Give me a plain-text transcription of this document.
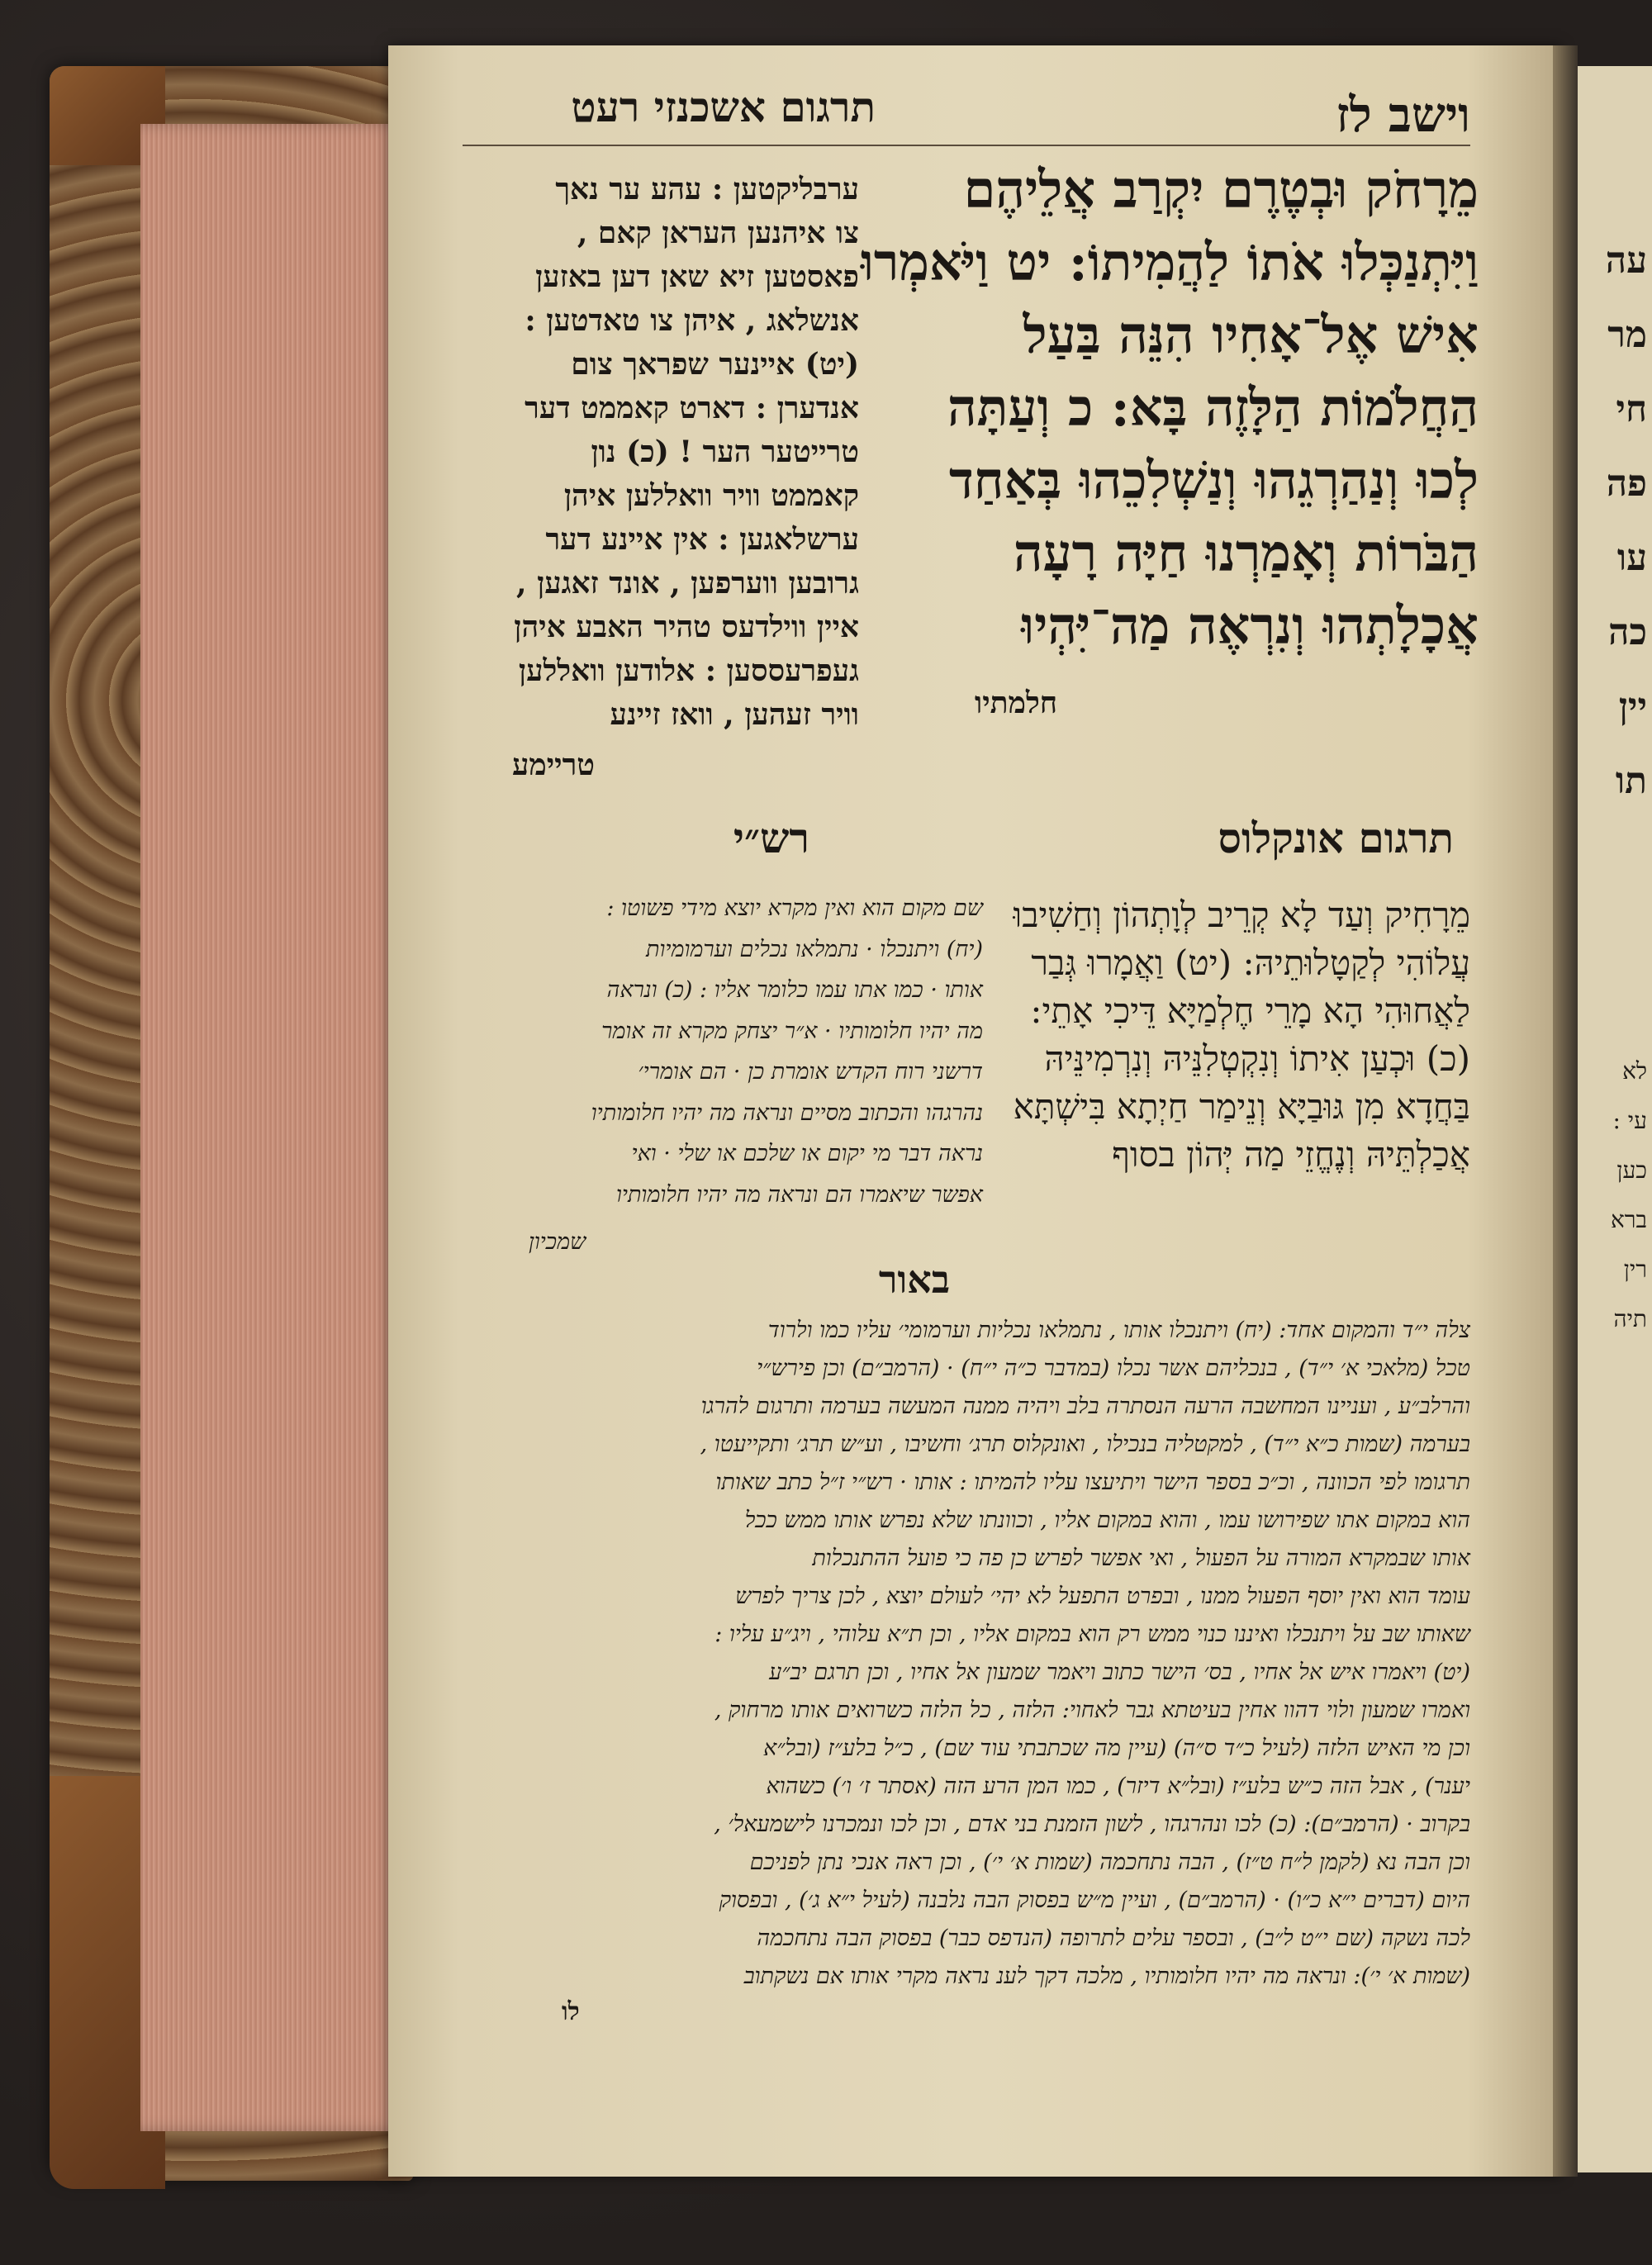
עה
מר
חי
פה
עו
כה
יין
תו
לא
עי :
כען
ברא
רין
תיה
וישב לז
תרגום אשכנזי רעט
מֵרָחֹק וּבְטֶרֶם יִקְרַב אֲלֵיהֶם
וַיִּתְנַכְּלוּ אֹתוֹ לַהֲמִיתוֹ: יט וַיֹּאמְרוּ
אִישׁ אֶל־אָחִיו הִנֵּה בַּעַל
הַחֲלֹמוֹת הַלָּזֶה בָּא: כ וְעַתָּה
לְכוּ וְנַהַרְגֵהוּ וְנַשְׁלִכֵהוּ בְּאַחַד
הַבֹּרוֹת וְאָמַרְנוּ חַיָּה רָעָה
אֲכָלָתְהוּ וְנִרְאֶה מַה־יִּהְיוּ
חלמתיו
ערבליקטען : עהע ער נאך
צו איהנען העראן קאם ,
פאסטען זיא שאן דען באזען
אנשלאג , איהן צו טאדטען :
(יט) איינער שפראך צום
אנדערן : דארט קאממט דער
טרייטער הער ! (כ) נון
קאממט וויר וואללען איהן
ערשלאגען : אין איינע דער
גרובען ווערפען , אונד זאגען ,
איין ווילדעס טהיר האבע איהן
געפרעססען : אלודען וואללען
וויר זעהען , וואז זיינע
טריימע
תרגום אונקלוס
רש״י
מֵרָחִיק וְעַד לָא קְרֵיב לְוָתְהוֹן וְחַשִׁיבוּ
עֲלוֹהִי לְקַטָלוּתֵיהּ: (יט) וַאֲמָרוּ גְּבַר
לַאֲחוּהִי הָא מָרֵי חֶלְמַיָּא דֵּיכִי אָתֵי:
(כ) וּכְעַן אִיתוֹ וְנִקְטְלִנֵּיהּ וְנִרְמִינֵּיהּ
בַּחֲדָא מִן גּוּבַיָּא וְנֵימַר חַיְתָא בִּישְׁתָּא
אֲכַלְתֵּיהּ וְנֶחֱזֵי מַה יְּהוֹן בסוף
שם מקום הוא ואין מקרא יוצא מידי פשוטו :
(יח) ויתנכלו · נתמלאו נכלים וערמומיות
אותו · כמו אתו עמו כלומר אליו : (כ) ונראה
מה יהיו חלומותיו · א״ר יצחק מקרא זה אומר
דרשני רוח הקדש אומרת כן · הם אומרי׳
נהרגהו והכתוב מסיים ונראה מה יהיו חלומותיו
נראה דבר מי יקום או שלכם או שלי · ואי
אפשר שיאמרו הם ונראה מה יהיו חלומותיו
שמכיון
באור
צלה י״ד והמקום אחד: (יח) ויתנכלו אותו , נתמלאו נכליות וערמומי׳ עליו כמו ולרוד
טכל (מלאכי א׳ י״ד) , בנכליהם אשר נכלו (במדבר כ״ה י״ח) · (הרמב״ם) וכן פירש״י
והרלב״ע , ועניינו המחשבה הרעה הנסתרה בלב ויהיה ממנה המעשה בערמה ותרגום להרגו
בערמה (שמות כ״א י״ד) , למקטליה בנכילו , ואונקלוס תרג׳ וחשיבו , וע״ש תרג׳ ותקייעטו ,
תרגומו לפי הכוונה , וכ״כ בספר הישר ויתיעצו עליו להמיתו : אותו · רש״י ז״ל כתב שאותו
הוא במקום אתו שפירושו עמו , והוא במקום אליו , וכוונתו שלא נפרש אותו ממש ככל
אותו שבמקרא המורה על הפעול , ואי אפשר לפרש כן פה כי פועל ההתנכלות
עומד הוא ואין יוסף הפעול ממנו , ובפרט התפעל לא יהי׳ לעולם יוצא , לכן צריך לפרש
שאותו שב על ויתנכלו ואיננו כנוי ממש רק הוא במקום אליו , וכן ת״א עלוהי , ויג״ע עליו :
(יט) ויאמרו איש אל אחיו , בס׳ הישר כתוב ויאמר שמעון אל אחיו , וכן תרגם יב״ע
ואמרו שמעון ולוי דהוו אחין בעיטתא גבר לאחוי: הלזה , כל הלזה כשרואים אותו מרחוק ,
וכן מי האיש הלזה (לעיל כ״ד ס״ה) (עיין מה שכתבתי עוד שם) , כ״ל בלע״ז (ובל״א
יענר) , אבל הזה כ״ש בלע״ז (ובל״א דיזר) , כמו המן הרע הזה (אסתר ז׳ ו׳) כשהוא
בקרוב · (הרמב״ם): (כ) לכו ונהרגהו , לשון הזמנת בני אדם , וכן לכו ונמכרנו לישמעאל׳ ,
וכן הבה נא (לקמן ל״ח ט״ז) , הבה נתחכמה (שמות א׳ י׳) , וכן ראה אנכי נתן לפניכם
היום (דברים י״א כ״ו) · (הרמב״ם) , ועיין מ״ש בפסוק הבה נלבנה (לעיל י״א ג׳) , ובפסוק
לכה נשקה (שם י״ט ל״ב) , ובספר עלים לתרופה (הנדפס כבר) בפסוק הבה נתחכמה
(שמות א׳ י׳): ונראה מה יהיו חלומותיו , מלכה דקך לענ נראה מקרי אותו אם נשקתוב
לו
